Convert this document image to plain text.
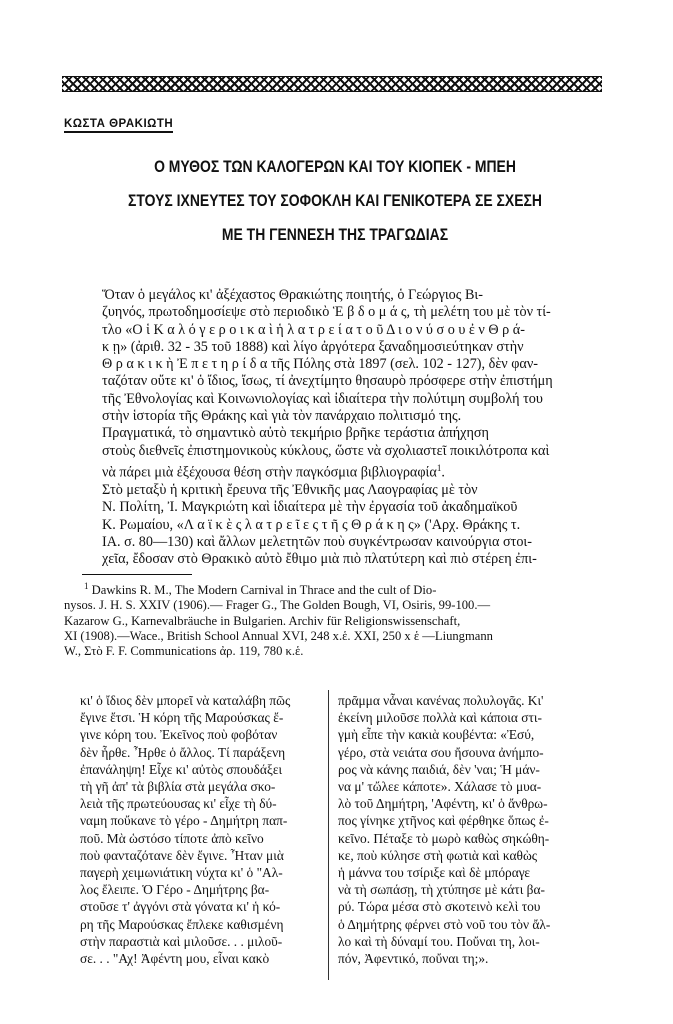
ΚΩΣΤΑ ΘΡΑΚΙΩΤΗ
Ο ΜΥΘΟΣ ΤΩΝ ΚΑΛΟΓΕΡΩΝ ΚΑΙ ΤΟΥ ΚΙΟΠΕΚ - ΜΠΕΗ
ΣΤΟΥΣ ΙΧΝΕΥΤΕΣ ΤΟΥ ΣΟΦΟΚΛΗ ΚΑΙ ΓΕΝΙΚΟΤΕΡΑ ΣΕ ΣΧΕΣΗ
ΜΕ ΤΗ ΓΕΝΝΕΣΗ ΤΗΣ ΤΡΑΓΩΔΙΑΣ

Ὅταν ὁ μεγάλος κι' ἀξέχαστος Θρακιώτης ποιητής, ὁ Γεώργιος Βι-
ζυηνός, πρωτοδημοσίεψε στὸ περιοδικὸ Ἑ β δ ο μ ά ς, τὴ μελέτη του μὲ τὸν τί-
τλο «Ο ἱ Κ α λ ό γ ε ρ ο ι κ α ὶ ἡ λ α τ ρ ε ί α τ ο ῦ Δ ι ο ν ύ σ ο υ ἐ ν Θ ρ ά-
κ ῃ» (ἀριθ. 32 - 35 τοῦ 1888) καὶ λίγο ἀργότερα ξαναδημοσιεύτηκαν στὴν
Θ ρ α κ ι κ ὴ Ἐ π ε τ η ρ ί δ α τῆς Πόλης στὰ 1897 (σελ. 102 - 127), δὲν φαν-
ταζόταν οὔτε κι' ὁ ἴδιος, ἴσως, τί ἀνεχτίμητο θησαυρὸ πρόσφερε στὴν ἐπιστήμη
τῆς Ἐθνολογίας καὶ Κοινωνιολογίας καὶ ἰδιαίτερα τὴν πολύτιμη συμβολή του
στὴν ἱστορία τῆς Θράκης καὶ γιὰ τὸν πανάρχαιο πολιτισμό της.

Πραγματικά, τὸ σημαντικὸ αὐτὸ τεκμήριο βρῆκε τεράστια ἀπήχηση
στοὺς διεθνεῖς ἐπιστημονικοὺς κύκλους, ὥστε νὰ σχολιαστεῖ ποικιλότροπα καὶ
νὰ πάρει μιὰ ἐξέχουσα θέση στὴν παγκόσμια βιβλιογραφία$^1$.

Στὸ μεταξὺ ἡ κριτικὴ ἔρευνα τῆς Ἐθνικῆς μας Λαογραφίας μὲ τὸν
Ν. Πολίτη, Ἰ. Μαγκριώτη καὶ ἰδιαίτερα μὲ τὴν ἐργασία τοῦ ἀκαδημαϊκοῦ
Κ. Ρωμαίου, «Λ α ϊ κ ὲ ς λ α τ ρ ε ῖ ε ς τ ῆ ς Θ ρ ά κ η ς» ('Αρχ. Θράκης τ.
ΙΑ. σ. 80—130) καὶ ἄλλων μελετητῶν ποὺ συγκέντρωσαν καινούργια στοι-
χεῖα, ἔδοσαν στὸ Θρακικὸ αὐτὸ ἔθιμο μιὰ πιὸ πλατύτερη καὶ πιὸ στέρεη ἐπι-

$^1$ Dawkins R. M., The Modern Carnival in Thrace and the cult of Dio-
nysos. J. H. S. XXIV (1906).— Frager G., The Golden Bough, VI, Osiris, 99-100.—
Kazarow G., Karnevalbräuche in Bulgarien. Archiv für Religionswissenschaft,
XI (1908).—Wace., British School Annual XVI, 248 x.ἑ. XXI, 250 x ἑ —Liungmann
W., Στὸ F. F. Communications ἀρ. 119, 780 κ.ἑ.
κι' ὁ ἴδιος δὲν μπορεῖ νὰ καταλάβη πῶς
ἔγινε ἔτσι. Ἡ κόρη τῆς Μαρούσκας ἔ-
γινε κόρη του. Ἐκεῖνος ποὺ φοβόταν
δὲν ἦρθε. Ἦρθε ὁ ἄλλος. Τί παράξενη
ἐπανάληψη! Εἶχε κι' αὐτὸς σπουδάξει
τὴ γῆ ἀπ' τὰ βιβλία στὰ μεγάλα σκο-
λειὰ τῆς πρωτεύουσας κι' εἶχε τὴ δύ-
ναμη ποὔκανε τὸ γέρο - Δημήτρη παπ-
ποῦ. Μὰ ὡστόσο τίποτε ἀπὸ κεῖνο
ποὺ φανταζότανε δὲν ἔγινε. Ἦταν μιὰ
παγερὴ χειμωνιάτικη νύχτα κι' ὁ "Αλ-
λος ἔλειπε. Ὁ Γέρο - Δημήτρης βα-
στοῦσε τ' ἀγγόνι στὰ γόνατα κι' ἡ κό-
ρη τῆς Μαρούσκας ἔπλεκε καθισμένη
στὴν παραστιὰ καὶ μιλοῦσε. . . μιλοῦ-
σε. . . "Αχ! Ἀφέντη μου, εἶναι κακὸ
πρᾶμμα νἆναι κανένας πολυλογᾶς. Κι'
ἐκείνη μιλοῦσε πολλὰ καὶ κάποια στι-
γμὴ εἶπε τὴν κακιὰ κουβέντα: «Ἐσύ,
γέρο, στὰ νειάτα σου ἤσουνα ἀνήμπο-
ρος νὰ κάνης παιδιά, δὲν 'ναι; Ἡ μάν-
να μ' τὤλεε κάποτε». Χάλασε τὸ μυα-
λὸ τοῦ Δημήτρη, 'Αφέντη, κι' ὁ ἄνθρω-
πος γίνηκε χτῆνος καὶ φέρθηκε ὅπως ἐ-
κεῖνο. Πέταξε τὸ μωρὸ καθὼς σηκώθη-
κε, ποὺ κύλησε στὴ φωτιὰ καὶ καθὼς
ἡ μάννα του τσίριξε καὶ δὲ μπόραγε
νὰ τὴ σωπάσῃ, τὴ χτύπησε μὲ κάτι βα-
ρύ. Τώρα μέσα στὸ σκοτεινὸ κελὶ του
ὁ Δημήτρης φέρνει στὸ νοῦ του τὸν ἄλ-
λο καὶ τὴ δύναμί του. Ποὔναι τη, λοι-
πόν, Ἀφεντικό, ποὔναι τη;».
